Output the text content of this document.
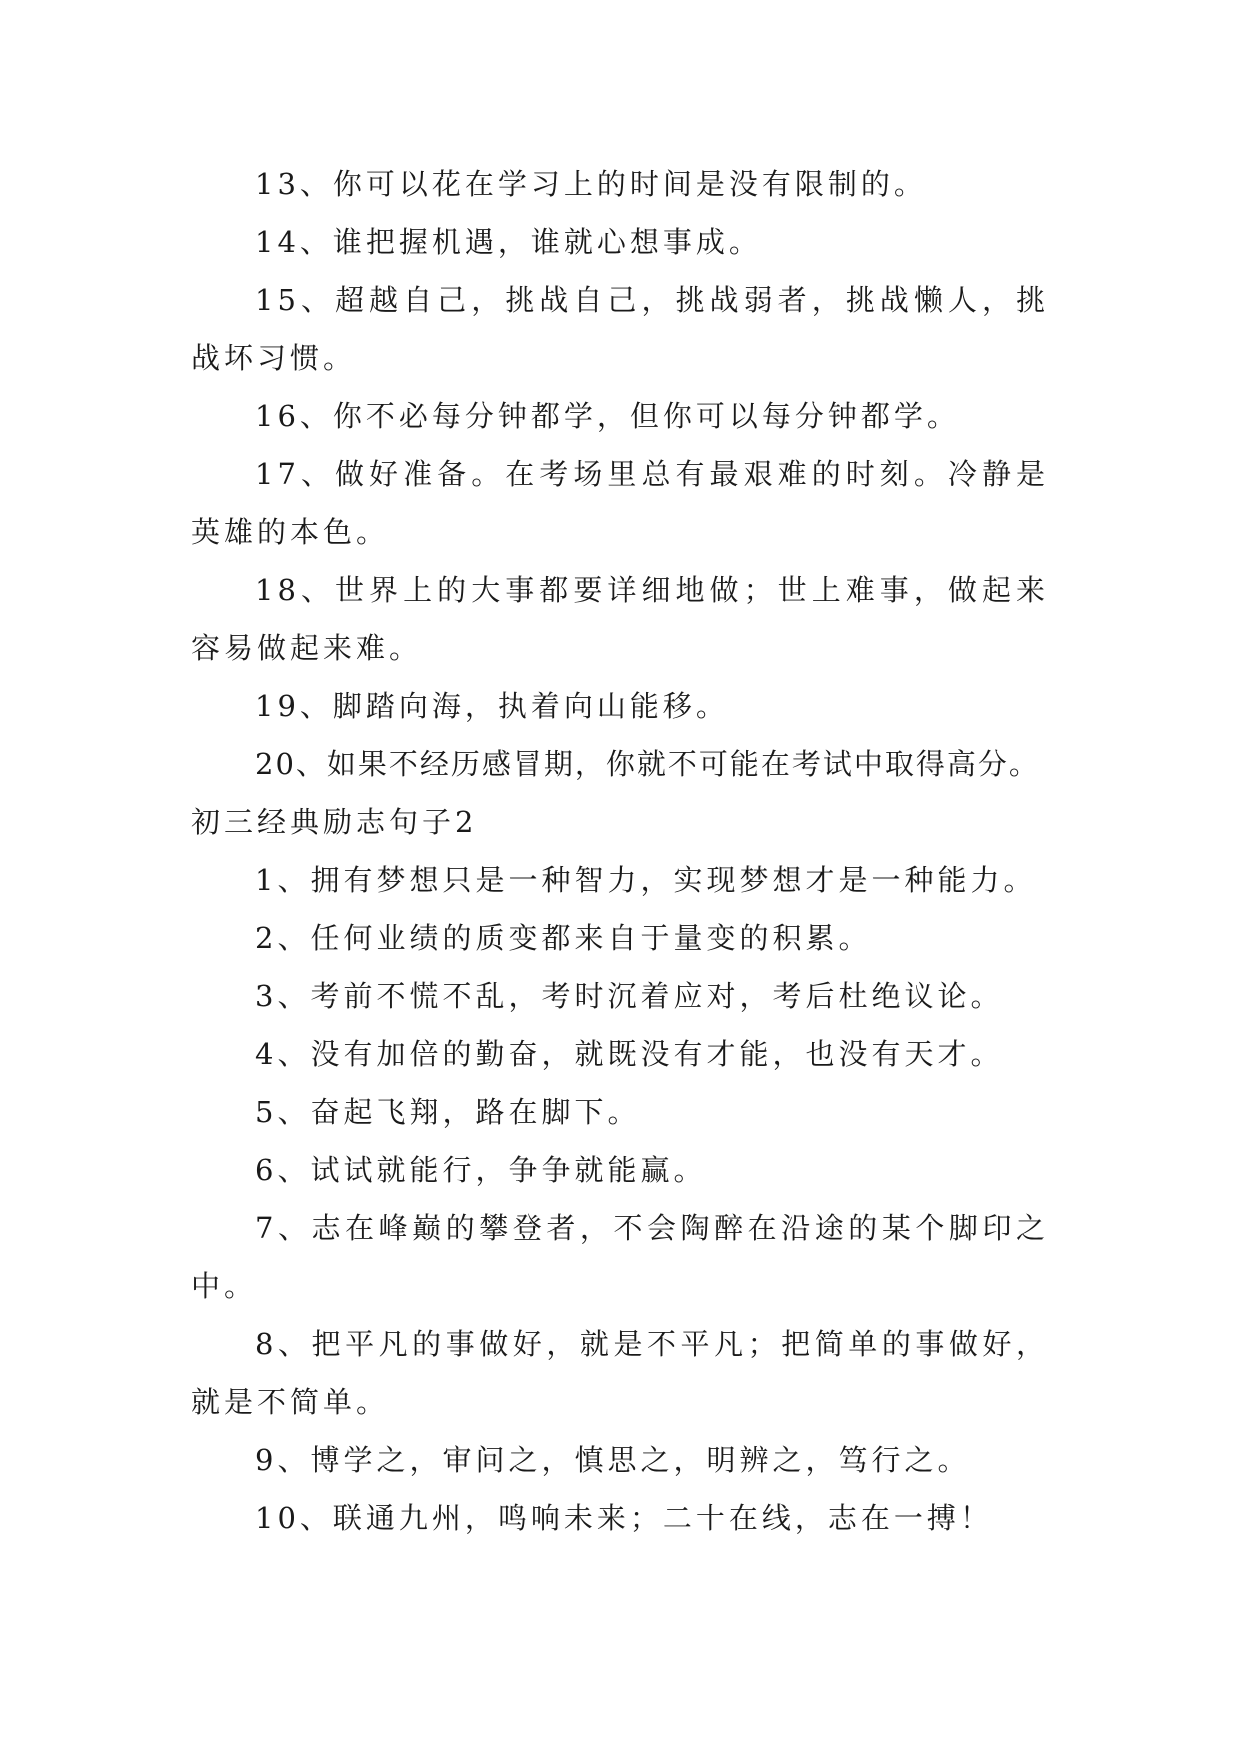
13、你可以花在学习上的时间是没有限制的。

14、谁把握机遇，谁就心想事成。

15、超越自己，挑战自己，挑战弱者，挑战懒人，挑战坏习惯。

16、你不必每分钟都学，但你可以每分钟都学。

17、做好准备。在考场里总有最艰难的时刻。冷静是英雄的本色。

18、世界上的大事都要详细地做；世上难事，做起来容易做起来难。

19、脚踏向海，执着向山能移。

20、如果不经历感冒期，你就不可能在考试中取得高分。

初三经典励志句子2

1、拥有梦想只是一种智力，实现梦想才是一种能力。

2、任何业绩的质变都来自于量变的积累。

3、考前不慌不乱，考时沉着应对，考后杜绝议论。

4、没有加倍的勤奋，就既没有才能，也没有天才。

5、奋起飞翔，路在脚下。

6、试试就能行，争争就能赢。

7、志在峰巅的攀登者，不会陶醉在沿途的某个脚印之中。

8、把平凡的事做好，就是不平凡；把简单的事做好，就是不简单。

9、博学之，审问之，慎思之，明辨之，笃行之。

10、联通九州，鸣响未来；二十在线，志在一搏！
